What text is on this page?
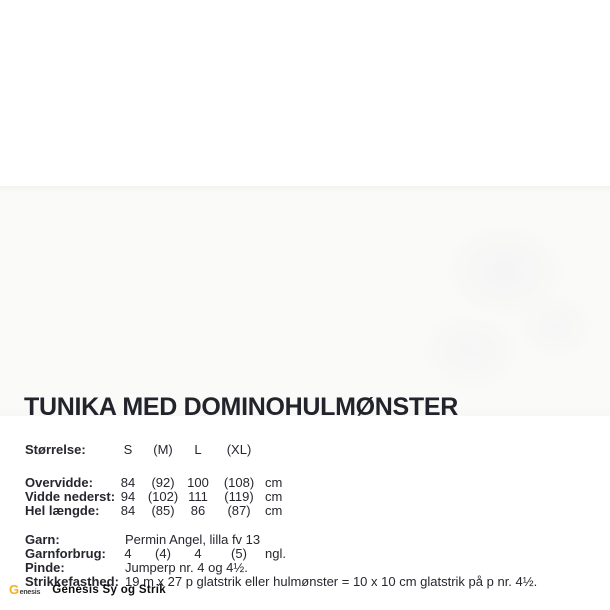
TUNIKA MED DOMINOHULMØNSTER
Størrelse:	S	(M)	L	(XL)
Overvidde:	84	(92) 100	(108) cm
Vidde nederst: 94 (102) 111	(119) cm
Hel længde:	84	(85)	86	(87)	cm
Garn:	Permin Angel, lilla fv 13
Garnforbrug:	4	(4)	4	(5)	ngl.
Pinde:	Jumperp nr. 4 og 4½.
Strikkefasthed: 19 m x 27 p glatstrik eller hulmønster = 10 x 10 cm glatstrik på p nr. 4½.
G enesis Genesis Sy og Strik
